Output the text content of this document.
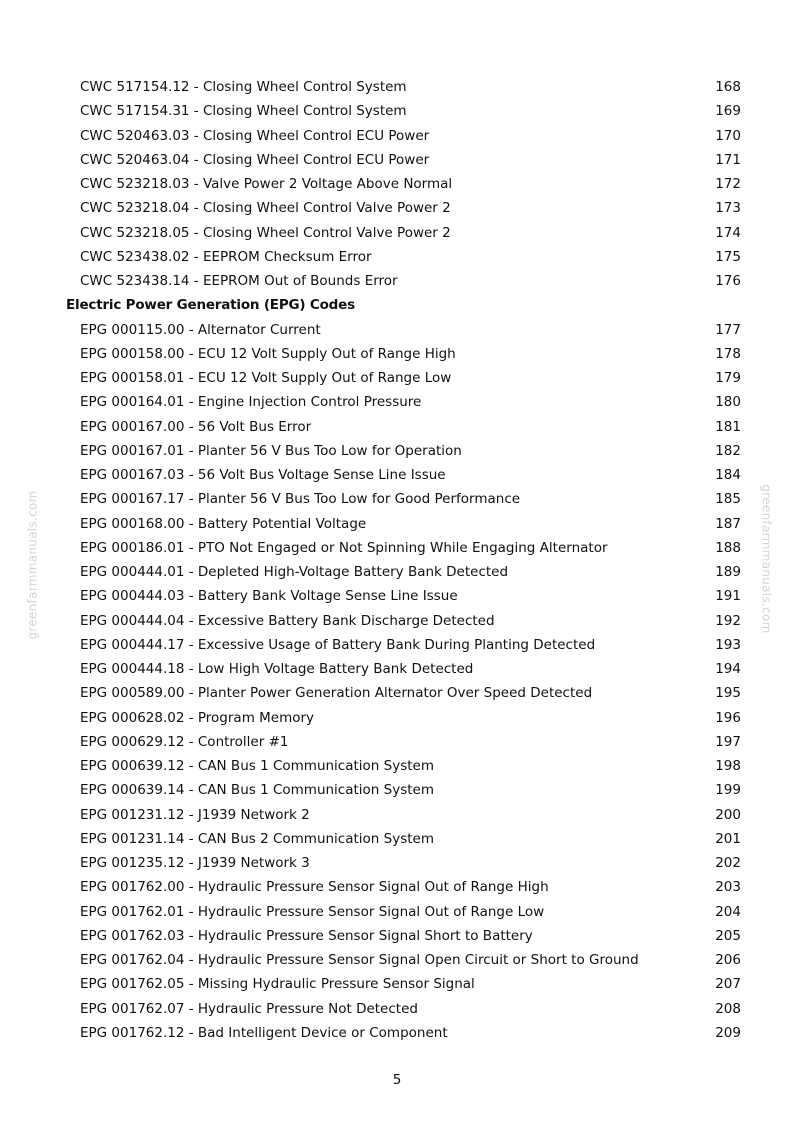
CWC 517154.12 - Closing Wheel Control System	168
CWC 517154.31 - Closing Wheel Control System	169
CWC 520463.03 - Closing Wheel Control ECU Power	170
CWC 520463.04 - Closing Wheel Control ECU Power	171
CWC 523218.03 - Valve Power 2 Voltage Above Normal	172
CWC 523218.04 - Closing Wheel Control Valve Power 2	173
CWC 523218.05 - Closing Wheel Control Valve Power 2	174
CWC 523438.02 - EEPROM Checksum Error	175
CWC 523438.14 - EEPROM Out of Bounds Error	176
Electric Power Generation (EPG) Codes
EPG 000115.00 - Alternator Current	177
EPG 000158.00 - ECU 12 Volt Supply Out of Range High	178
EPG 000158.01 - ECU 12 Volt Supply Out of Range Low	179
EPG 000164.01 - Engine Injection Control Pressure	180
EPG 000167.00 - 56 Volt Bus Error	181
EPG 000167.01 - Planter 56 V Bus Too Low for Operation	182
EPG 000167.03 - 56 Volt Bus Voltage Sense Line Issue	184
EPG 000167.17 - Planter 56 V Bus Too Low for Good Performance	185
EPG 000168.00 - Battery Potential Voltage	187
EPG 000186.01 - PTO Not Engaged or Not Spinning While Engaging Alternator	188
EPG 000444.01 - Depleted High-Voltage Battery Bank Detected	189
EPG 000444.03 - Battery Bank Voltage Sense Line Issue	191
EPG 000444.04 - Excessive Battery Bank Discharge Detected	192
EPG 000444.17 - Excessive Usage of Battery Bank During Planting Detected	193
EPG 000444.18 - Low High Voltage Battery Bank Detected	194
EPG 000589.00 - Planter Power Generation Alternator Over Speed Detected	195
EPG 000628.02 - Program Memory	196
EPG 000629.12 - Controller #1	197
EPG 000639.12 - CAN Bus 1 Communication System	198
EPG 000639.14 - CAN Bus 1 Communication System	199
EPG 001231.12 - J1939 Network 2	200
EPG 001231.14 - CAN Bus 2 Communication System	201
EPG 001235.12 - J1939 Network 3	202
EPG 001762.00 - Hydraulic Pressure Sensor Signal Out of Range High	203
EPG 001762.01 - Hydraulic Pressure Sensor Signal Out of Range Low	204
EPG 001762.03 - Hydraulic Pressure Sensor Signal Short to Battery	205
EPG 001762.04 - Hydraulic Pressure Sensor Signal Open Circuit or Short to Ground	206
EPG 001762.05 - Missing Hydraulic Pressure Sensor Signal	207
EPG 001762.07 - Hydraulic Pressure Not Detected	208
EPG 001762.12 - Bad Intelligent Device or Component	209
5
greenfarmmanuals.com	greenfarmmanuals.com
